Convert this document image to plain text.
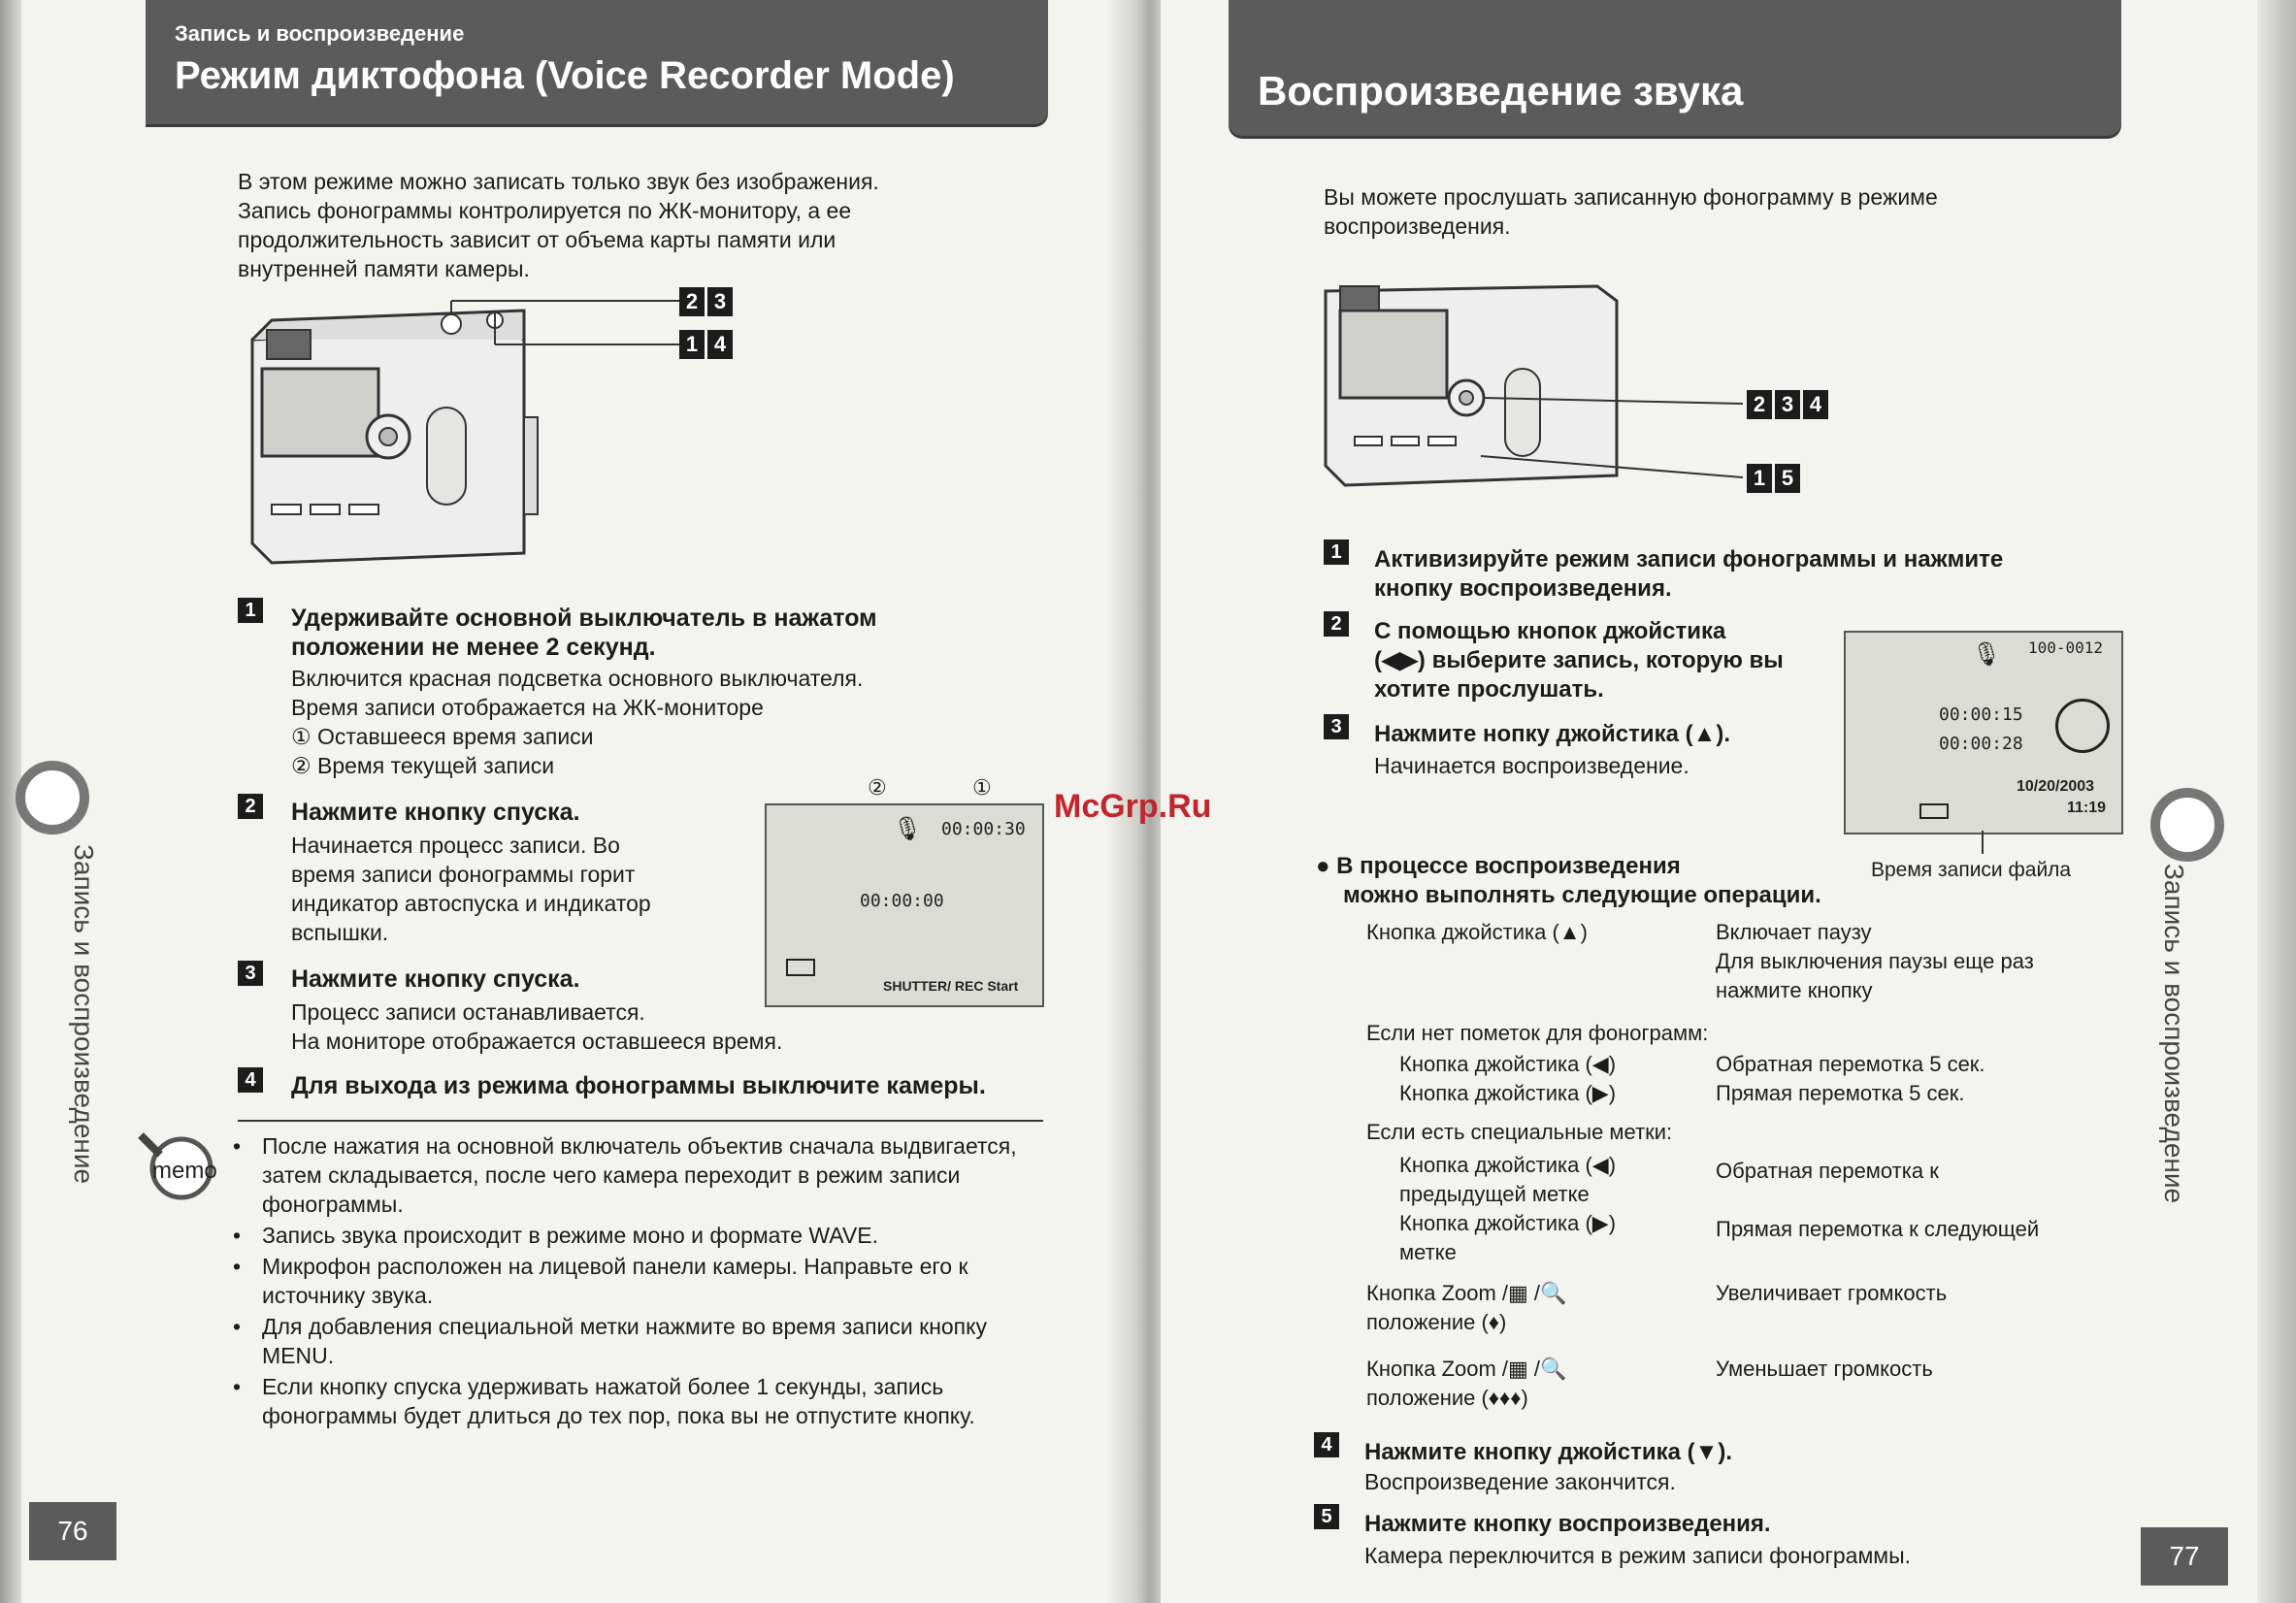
Запись и воспроизведение
Режим диктофона (Voice Recorder Mode)
В этом режиме можно записать только звук без изображения.
Запись фонограммы контролируется по ЖК-монитору, а ее
продолжительность зависит от объема карты памяти или
внутренней памяти камеры.
2 3
1 4
1 Удерживайте основной выключатель в нажатом
положении не менее 2 секунд.
Включится красная подсветка основного выключателя.
Время записи отображается на ЖК-мониторе
① Оставшееся время записи
② Время текущей записи
2 Нажмите кнопку спуска.
Начинается процесс записи. Во
время записи фонограммы горит
индикатор автоспуска и индикатор
вспышки.
②	①
🎙 00:00:30
00:00:00
SHUTTER/ REC Start
3 Нажмите кнопку спуска.
Процесс записи останавливается.
На мониторе отображается оставшееся время.
4 Для выхода из режима фонограммы выключите камеры.
memo
• После нажатия на основной включатель объектив сначала выдвигается, затем складывается, после чего камера переходит в режим записи фонограммы.
• Запись звука происходит в режиме моно и формате WAVE.
• Микрофон расположен на лицевой панели камеры. Направьте его к источнику звука.
• Для добавления специальной метки нажмите во время записи кнопку MENU.
• Если кнопку спуска удерживать нажатой более 1 секунды, запись фонограммы будет длиться до тех пор, пока вы не отпустите кнопку.
Запись и воспроизведение
76
Воспроизведение звука
Вы можете прослушать записанную фонограмму в режиме
воспроизведения.
2 3 4
1 5
1	Активизируйте режим записи фонограммы и нажмите
кнопку воспроизведения.
2	С помощью кнопок джойстика
(◀▶) выберите запись, которую вы
хотите прослушать.
3	Нажмите нопку джойстика (▲).
Начинается воспроизведение.
🎙 100-0012
00:00:15
00:00:28
10/20/2003
11:19
Время записи файла
● В процессе воспроизведения
можно выполнять следующие операции.
Кнопка джойстика (▲)	Включает паузу
	Для выключения паузы еще раз
	нажмите кнопку
Если нет пометок для фонограмм:
Кнопка джойстика (◀)	Обратная перемотка 5 сек.
Кнопка джойстика (▶)	Прямая перемотка 5 сек.
Если есть специальные метки:
Кнопка джойстика (◀)
предыдущей метке	Обратная перемотка к

Кнопка джойстика (▶)
метке	Прямая перемотка к следующей
Кнопка Zoom /▦ /🔍
положение (♦)	Увеличивает громкость

Кнопка Zoom /▦ /🔍
положение (♦♦♦)	Уменьшает громкость
4	Нажмите кнопку джойстика (▼).
Воспроизведение закончится.
5	Нажмите кнопку воспроизведения.
Камера переключится в режим записи фонограммы.
Запись и воспроизведение
77
McGrp.Ru
